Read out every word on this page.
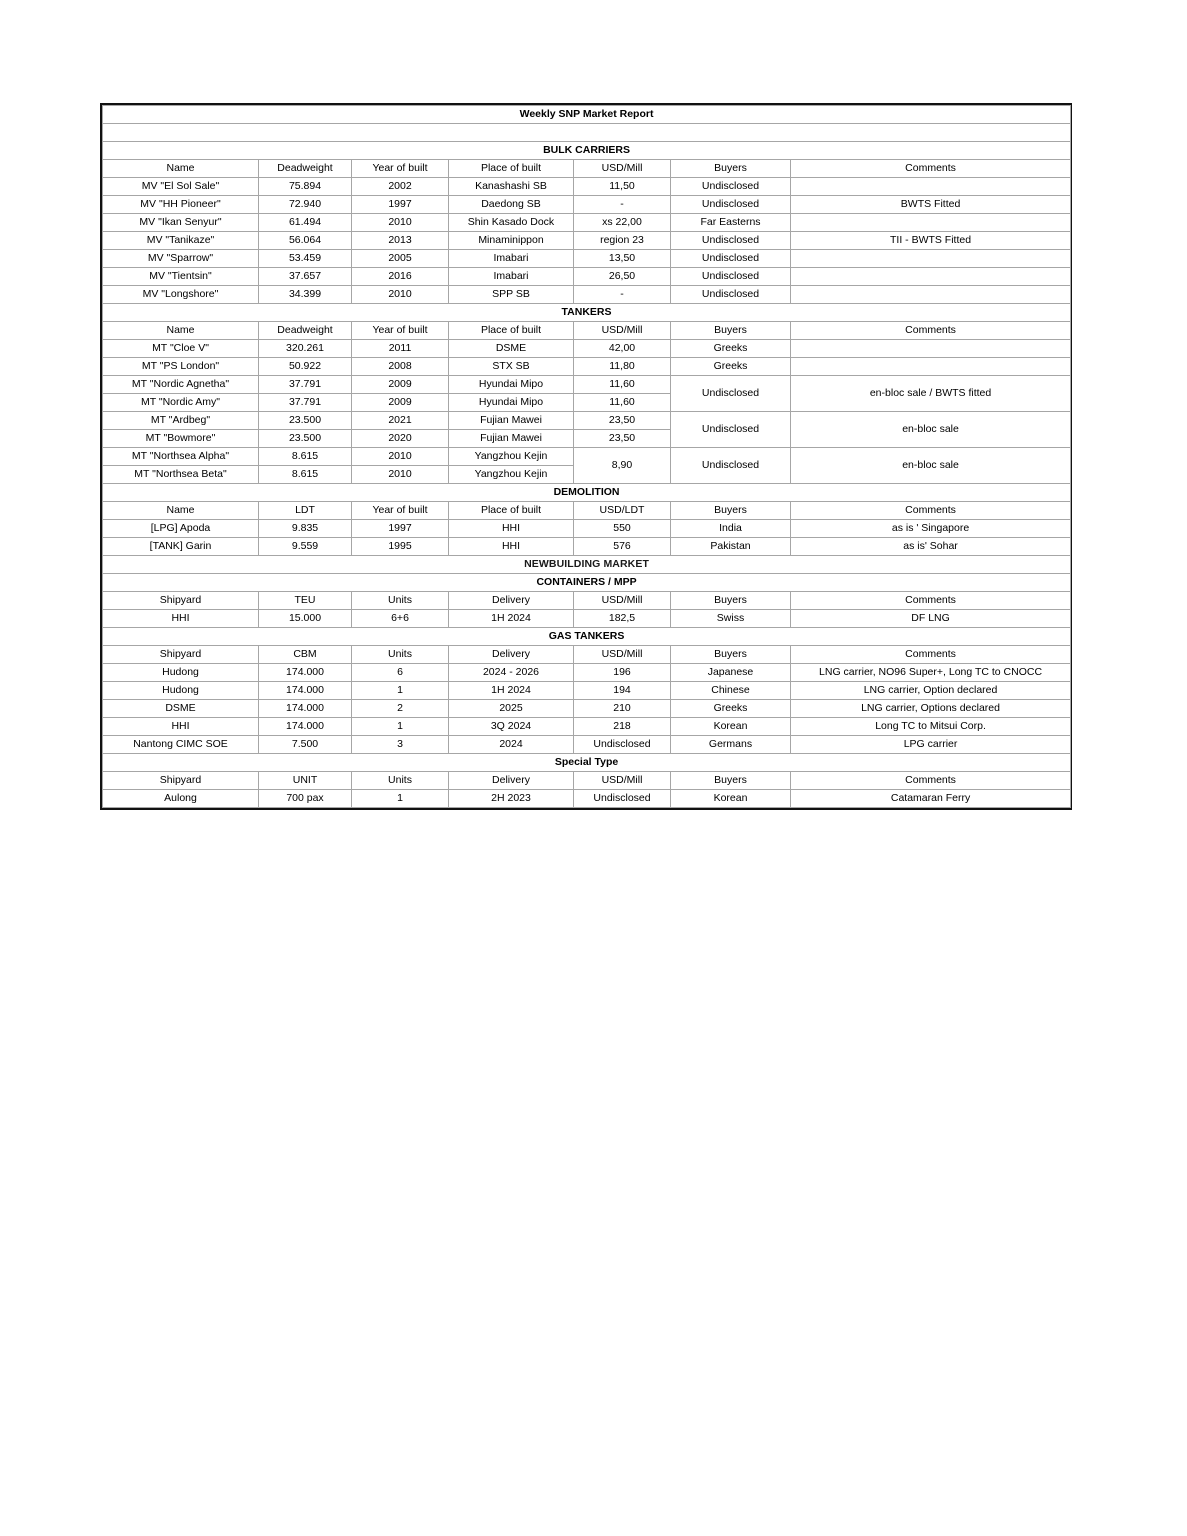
Weekly SNP Market Report						
SECOND HAND SALES - WEEK 1						
BULK CARRIERS						
Name	Deadweight	Year of built	Place of built	USD/Mill	Buyers	Comments
MV "El Sol Sale"	75.894	2002	Kanashashi SB	11,50	Undisclosed	
MV "HH Pioneer"	72.940	1997	Daedong SB	-	Undisclosed	BWTS Fitted
MV "Ikan Senyur"	61.494	2010	Shin Kasado Dock	xs 22,00	Far Easterns	
MV "Tanikaze"	56.064	2013	Minaminippon	region 23	Undisclosed	TII - BWTS Fitted
MV "Sparrow"	53.459	2005	Imabari	13,50	Undisclosed	
MV "Tientsin"	37.657	2016	Imabari	26,50	Undisclosed	
MV "Longshore"	34.399	2010	SPP SB	-	Undisclosed	
TANKERS						
Name	Deadweight	Year of built	Place of built	USD/Mill	Buyers	Comments
MT "Cloe V"	320.261	2011	DSME	42,00	Greeks	
MT "PS London"	50.922	2008	STX SB	11,80	Greeks	
MT "Nordic Agnetha"	37.791	2009	Hyundai Mipo	11,60	Undisclosed	en-bloc sale / BWTS fitted
MT "Nordic Amy"	37.791	2009	Hyundai Mipo	11,60		
MT "Ardbeg"	23.500	2021	Fujian Mawei	23,50	Undisclosed	en-bloc sale
MT "Bowmore"	23.500	2020	Fujian Mawei	23,50		
MT "Northsea Alpha"	8.615	2010	Yangzhou Kejin	8,90	Undisclosed	en-bloc sale
MT "Northsea Beta"	8.615	2010	Yangzhou Kejin			
DEMOLITION						
Name	LDT	Year of built	Place of built	USD/LDT	Buyers	Comments
[LPG] Apoda	9.835	1997	HHI	550	India	as is ' Singapore
[TANK] Garin	9.559	1995	HHI	576	Pakistan	as is' Sohar
NEWBUILDING MARKET						
CONTAINERS / MPP						
Shipyard	TEU	Units	Delivery	USD/Mill	Buyers	Comments
HHI	15.000	6+6	1H 2024	182,5	Swiss	DF LNG
GAS TANKERS						
Shipyard	CBM	Units	Delivery	USD/Mill	Buyers	Comments
Hudong	174.000	6	2024 - 2026	196	Japanese	LNG carrier, NO96 Super+, Long TC to CNOCC
Hudong	174.000	1	1H 2024	194	Chinese	LNG carrier, Option declared
DSME	174.000	2	2025	210	Greeks	LNG carrier, Options declared
HHI	174.000	1	3Q 2024	218	Korean	Long TC to Mitsui Corp.
Nantong CIMC SOE	7.500	3	2024	Undisclosed	Germans	LPG carrier
Special Type						
Shipyard	UNIT	Units	Delivery	USD/Mill	Buyers	Comments
Aulong	700 pax	1	2H 2023	Undisclosed	Korean	Catamaran Ferry
